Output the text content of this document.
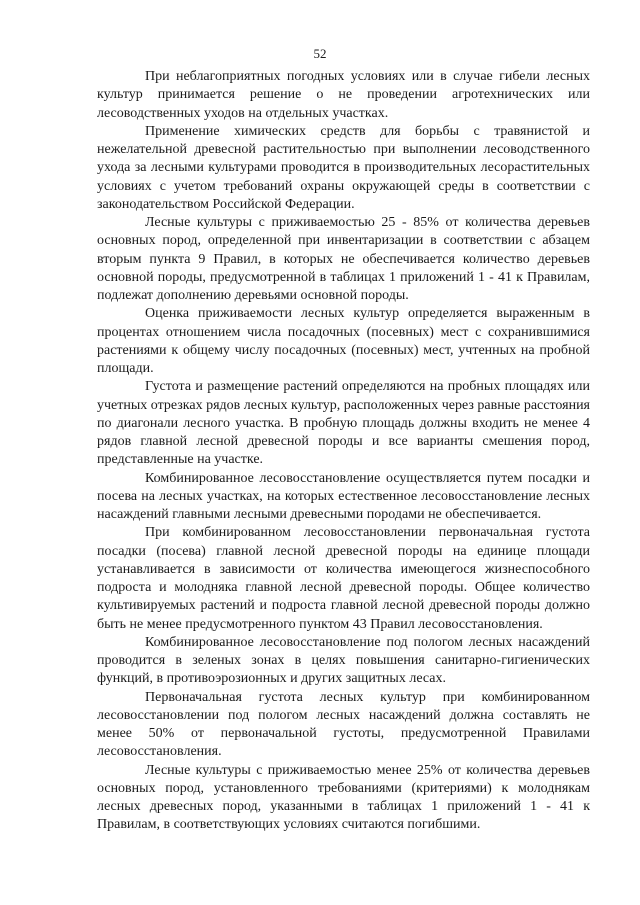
52

При неблагоприятных погодных условиях или в случае гибели лесных культур принимается решение о не проведении агротехнических или лесоводственных уходов на отдельных участках.

Применение химических средств для борьбы с травянистой и нежелательной древесной растительностью при выполнении лесоводственного ухода за лесными культурами проводится в производительных лесорастительных условиях с учетом требований охраны окружающей среды в соответствии с законодательством Российской Федерации.

Лесные культуры с приживаемостью 25 - 85% от количества деревьев основных пород, определенной при инвентаризации в соответствии с абзацем вторым пункта 9 Правил, в которых не обеспечивается количество деревьев основной породы, предусмотренной в таблицах 1 приложений 1 - 41 к Правилам, подлежат дополнению деревьями основной породы.

Оценка приживаемости лесных культур определяется выраженным в процентах отношением числа посадочных (посевных) мест с сохранившимися растениями к общему числу посадочных (посевных) мест, учтенных на пробной площади.

Густота и размещение растений определяются на пробных площадях или учетных отрезках рядов лесных культур, расположенных через равные расстояния по диагонали лесного участка. В пробную площадь должны входить не менее 4 рядов главной лесной древесной породы и все варианты смешения пород, представленные на участке.

Комбинированное лесовосстановление осуществляется путем посадки и посева на лесных участках, на которых естественное лесовосстановление лесных насаждений главными лесными древесными породами не обеспечивается.

При комбинированном лесовосстановлении первоначальная густота посадки (посева) главной лесной древесной породы на единице площади устанавливается в зависимости от количества имеющегося жизнеспособного подроста и молодняка главной лесной древесной породы. Общее количество культивируемых растений и подроста главной лесной древесной породы должно быть не менее предусмотренного пунктом 43 Правил лесовосстановления.

Комбинированное лесовосстановление под пологом лесных насаждений проводится в зеленых зонах в целях повышения санитарно-гигиенических функций, в противоэрозионных и других защитных лесах.

Первоначальная густота лесных культур при комбинированном лесовосстановлении под пологом лесных насаждений должна составлять не менее 50% от первоначальной густоты, предусмотренной Правилами лесовосстановления.

Лесные культуры с приживаемостью менее 25% от количества деревьев основных пород, установленного требованиями (критериями) к молоднякам лесных древесных пород, указанными в таблицах 1 приложений 1 - 41 к Правилам, в соответствующих условиях считаются погибшими.
